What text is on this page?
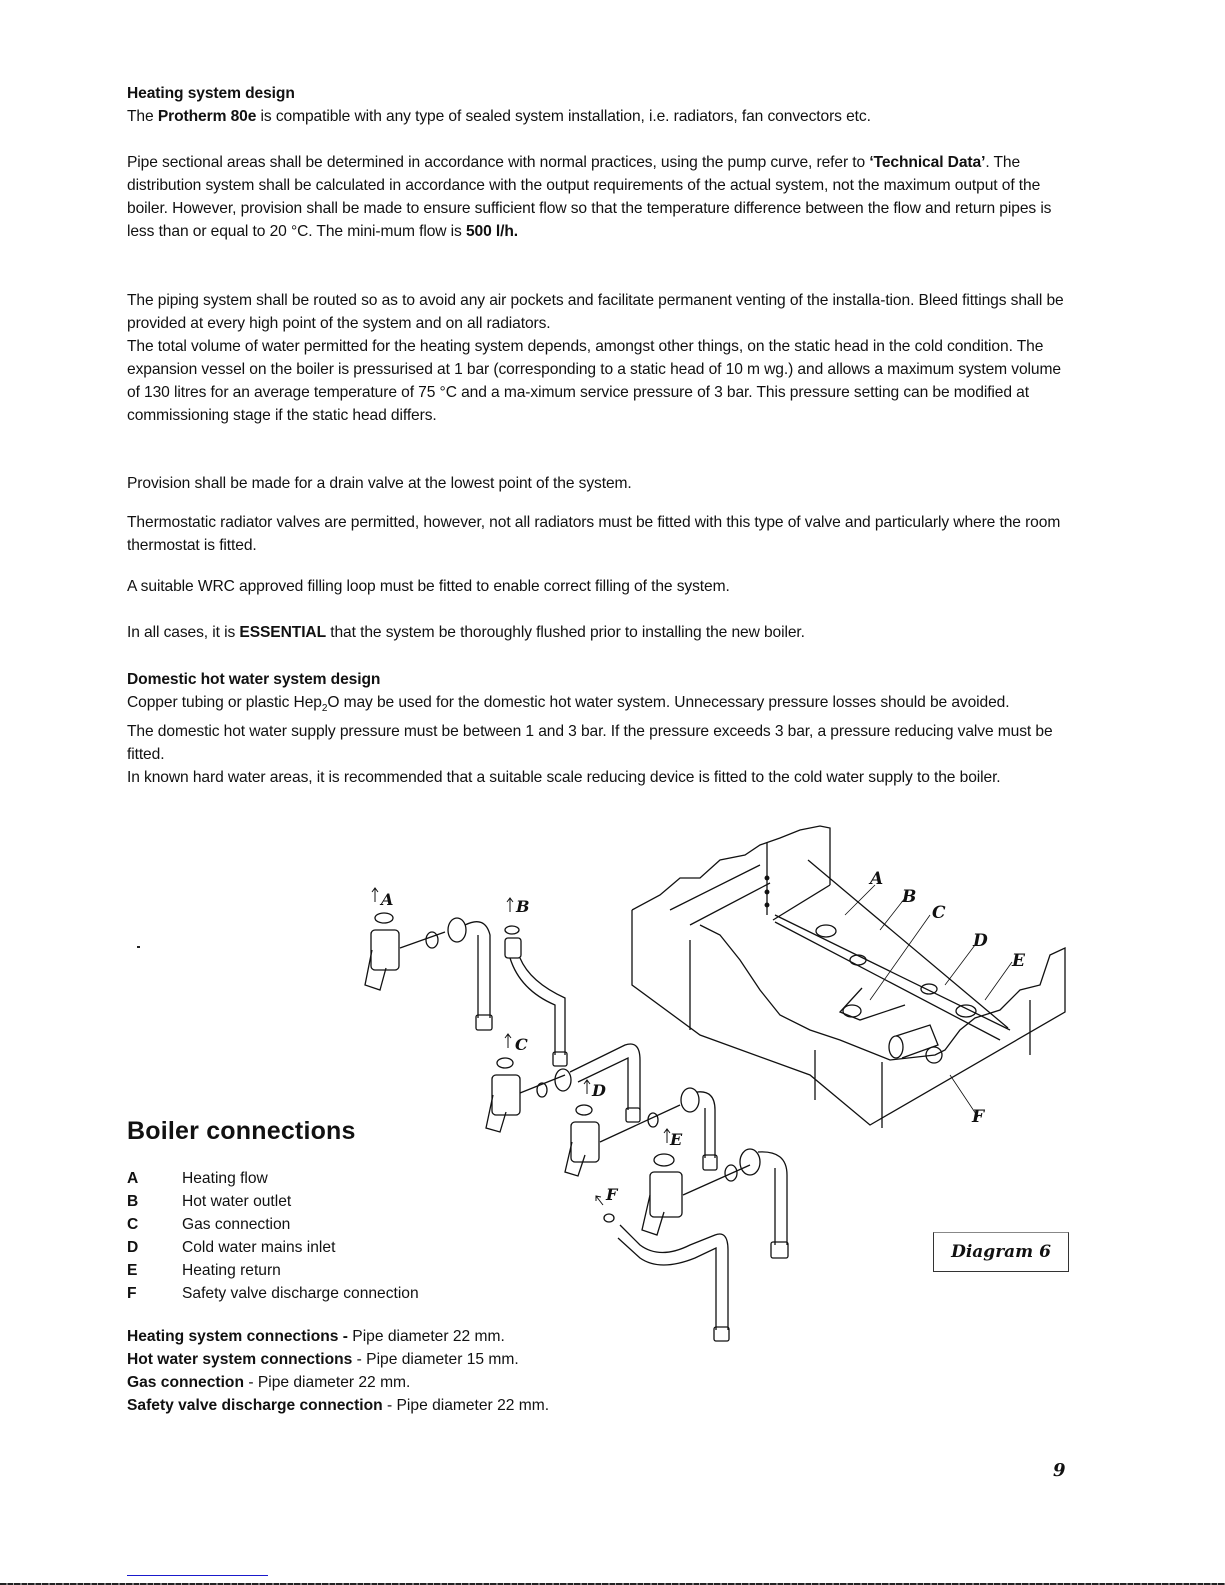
Heating system design

The Protherm 80e is compatible with any type of sealed system installation, i.e. radiators, fan convectors etc.

Pipe sectional areas shall be determined in accordance with normal practices, using the pump curve, refer to ‘Technical Data’. The distribution system shall be calculated in accordance with the output requirements of the actual system, not the maximum output of the boiler. However, provision shall be made to ensure sufficient flow so that the temperature difference between the flow and return pipes is less than or equal to 20 °C. The mini-mum flow is 500 l/h.

The piping system shall be routed so as to avoid any air pockets and facilitate permanent venting of the installa-tion. Bleed fittings shall be provided at every high point of the system and on all radiators.

The total volume of water permitted for the heating system depends, amongst other things, on the static head in the cold condition. The expansion vessel on the boiler is pressurised at 1 bar (corresponding to a static head of 10 m wg.) and allows a maximum system volume of 130 litres for an average temperature of 75 °C and a ma-ximum service pressure of 3 bar. This pressure setting can be modified at commissioning stage if the static head differs.

Provision shall be made for a drain valve at the lowest point of the system.

Thermostatic radiator valves are permitted, however, not all radiators must be fitted with this type of valve and particularly where the room thermostat is fitted.

A suitable WRC approved filling loop must be fitted to enable correct filling of the system.

In all cases, it is ESSENTIAL that the system be thoroughly flushed prior to installing the new boiler.

Domestic hot water system design

Copper tubing or plastic Hep$_2$O may be used for the domestic hot water system. Unnecessary pressure losses should be avoided.

The domestic hot water supply pressure must be between 1 and 3 bar. If the pressure exceeds 3 bar, a pressure reducing valve must be fitted.

In known hard water areas, it is recommended that a suitable scale reducing device is fitted to the cold water supply to the boiler.

A
B
C
D
E
F
A	B
C
D
E
F
Boiler connections
A	Heating flow
B	Hot water outlet
C	Gas connection
D	Cold water mains inlet
E	Heating return
F	Safety valve discharge connection
Heating system connections - Pipe diameter 22 mm.
Hot water system connections - Pipe diameter 15 mm.
Gas connection - Pipe diameter 22 mm.
Safety valve discharge connection - Pipe diameter 22 mm.
Diagram 6
9
